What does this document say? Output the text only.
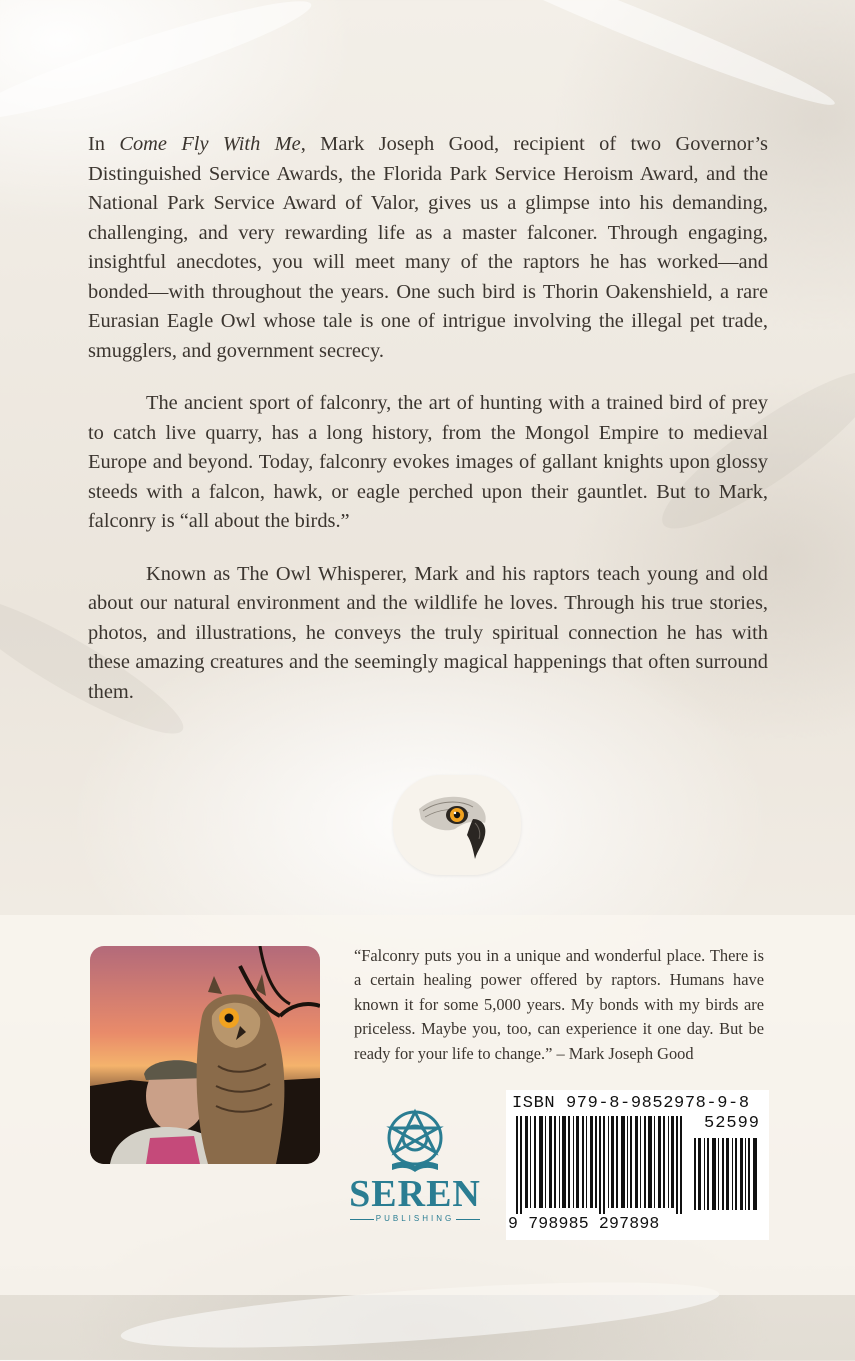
In Come Fly With Me, Mark Joseph Good, recipient of two Governor’s Distinguished Service Awards, the Florida Park Service Heroism Award, and the National Park Service Award of Valor, gives us a glimpse into his demanding, challenging, and very rewarding life as a master falconer. Through engaging, insightful anecdotes, you will meet many of the raptors he has worked—and bonded—with throughout the years. One such bird is Thorin Oakenshield, a rare Eurasian Eagle Owl whose tale is one of intrigue involving the illegal pet trade, smugglers, and government secrecy.

The ancient sport of falconry, the art of hunting with a trained bird of prey to catch live quarry, has a long history, from the Mongol Empire to medieval Europe and beyond. Today, falconry evokes images of gallant knights upon glossy steeds with a falcon, hawk, or eagle perched upon their gauntlet. But to Mark, falconry is “all about the birds.”

Known as The Owl Whisperer, Mark and his raptors teach young and old about our natural environment and the wildlife he loves. Through his true stories, photos, and illustrations, he conveys the truly spiritual connection he has with these amazing creatures and the seemingly magical happenings that often surround them.

“Falconry puts you in a unique and wonderful place. There is a certain healing power offered by raptors. Humans have known it for some 5,000 years. My bonds with my birds are priceless. Maybe you, too, can experience it one day. But be ready for your life to change.” – Mark Joseph Good
SEREN
PUBLISHING
ISBN 979-8-9852978-9-8
52599
9 798985 297898
